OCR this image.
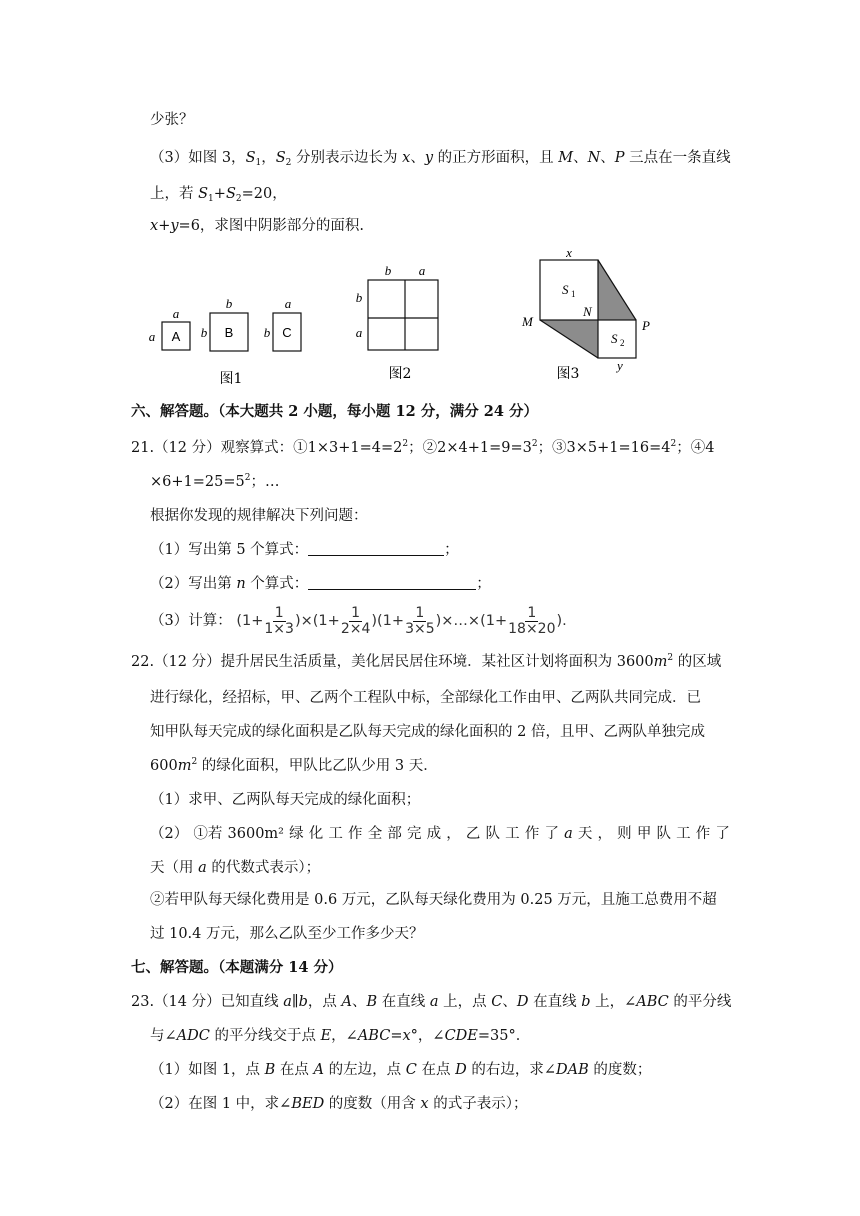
少张？
（3）如图 3，$S_1$，$S_2$ 分别表示边长为 x、y 的正方形面积，且 M、N、P 三点在一条直线
上，若 $S_1+S_2=20$，
x+y=6，求图中阴影部分的面积.
A	B	C
a
a
b
b
a
b
图1
b a
b
a
图2
x
S 1
S 2
M
N
P
y
图3
六、解答题。（本大题共 2 小题，每小题 12 分，满分 24 分）
21.（12 分）观察算式：$①1\times 3+1=4=2^2$；$②2\times 4+1=9=3^2$；$③3\times 5+1=16=4^2$；④4
$\times 6+1=25=5^2$；…
根据你发现的规律解决下列问题：
（1）写出第 5 个算式：	；
（2）写出第 n 个算式：	；
（3）计算： $(1+ \frac{1}{1\times 3} )\times(1+ \frac{1}{2\times 4} )(1+ \frac{1}{3\times 5}$ )×…×(1+ $\frac{1}{18\times 20}$ ).
22.（12 分）提升居民生活质量，美化居民居住环境．某社区计划将面积为 $3600m^2$ 的区域
进行绿化，经招标，甲、乙两个工程队中标，全部绿化工作由甲、乙两队共同完成．已
知甲队每天完成的绿化面积是乙队每天完成的绿化面积的 2 倍，且甲、乙两队单独完成
$600m^2$ 的绿化面积，甲队比乙队少用 3 天．
（1）求甲、乙两队每天完成的绿化面积；
（2） ①若 3600m² 绿 化 工 作 全 部 完 成 ， 乙 队 工 作 了 a 天 ， 则 甲 队 工 作 了
天（用 a 的代数式表示）；
②若甲队每天绿化费用是 0.6 万元，乙队每天绿化费用为 0.25 万元，且施工总费用不超
过 10.4 万元，那么乙队至少工作多少天？
七、解答题。（本题满分 14 分）
23.（14 分）已知直线 a∥b，点 A、B 在直线 a 上，点 C、D 在直线 b 上，∠ABC 的平分线
与∠ADC 的平分线交于点 E，∠ABC=x°，∠CDE=35°．
（1）如图 1，点 B 在点 A 的左边，点 C 在点 D 的右边，求∠DAB 的度数；
（2）在图 1 中，求∠BED 的度数（用含 x 的式子表示）；
